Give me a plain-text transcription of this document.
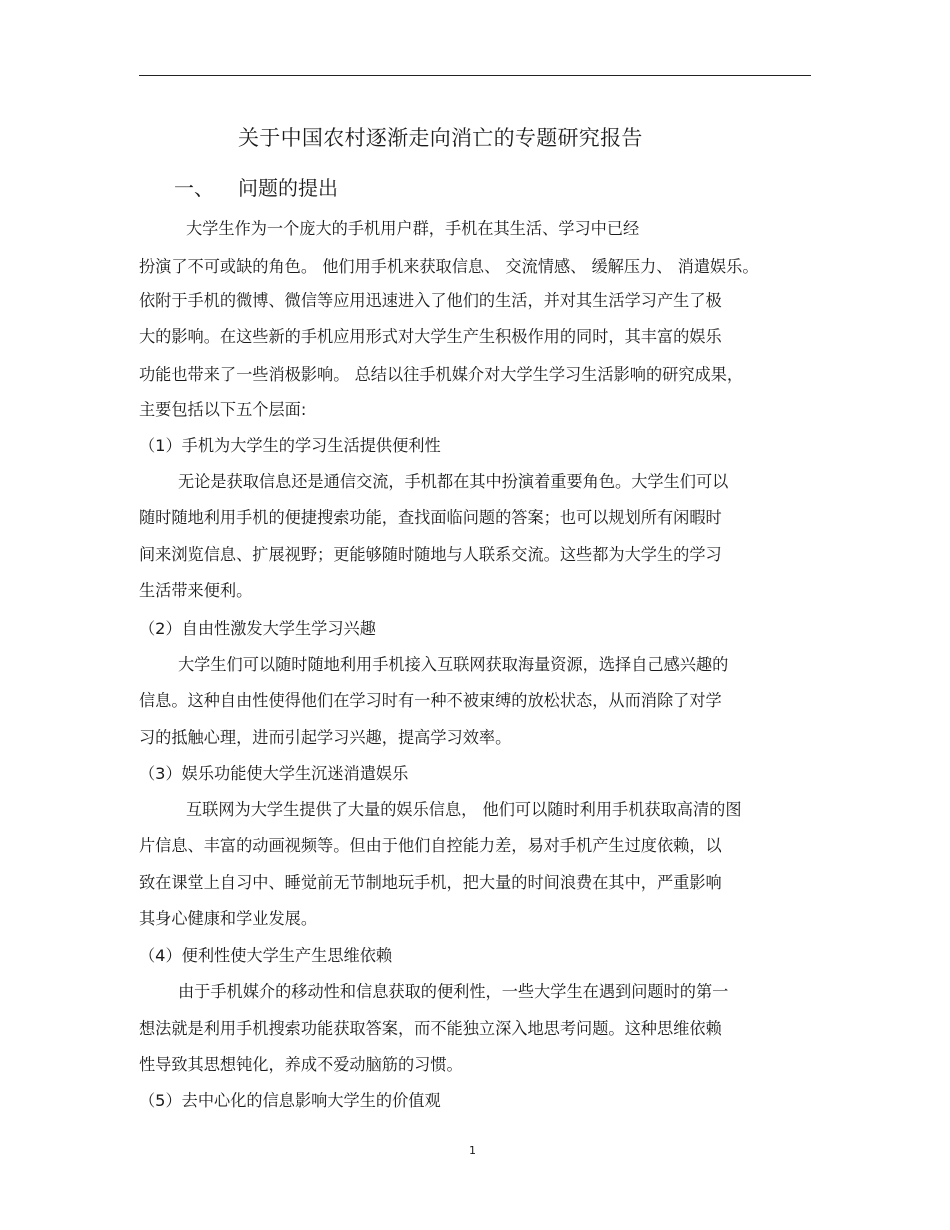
关于中国农村逐渐走向消亡的专题研究报告
一、 问题的提出
大学生作为一个庞大的手机用户群，手机在其生活、学习中已经
扮演了不可或缺的角色。 他们用手机来获取信息、 交流情感、 缓解压力、 消遣娱乐。
依附于手机的微博、微信等应用迅速进入了他们的生活，并对其生活学习产生了极
大的影响。在这些新的手机应用形式对大学生产生积极作用的同时，其丰富的娱乐
功能也带来了一些消极影响。 总结以往手机媒介对大学生学习生活影响的研究成果，
主要包括以下五个层面:
（1）手机为大学生的学习生活提供便利性
无论是获取信息还是通信交流，手机都在其中扮演着重要角色。大学生们可以
随时随地利用手机的便捷搜索功能，查找面临问题的答案；也可以规划所有闲暇时
间来浏览信息、扩展视野；更能够随时随地与人联系交流。这些都为大学生的学习
生活带来便利。
（2）自由性激发大学生学习兴趣
大学生们可以随时随地利用手机接入互联网获取海量资源，选择自己感兴趣的
信息。这种自由性使得他们在学习时有一种不被束缚的放松状态，从而消除了对学
习的抵触心理，进而引起学习兴趣，提高学习效率。
（3）娱乐功能使大学生沉迷消遣娱乐
互联网为大学生提供了大量的娱乐信息， 他们可以随时利用手机获取高清的图
片信息、丰富的动画视频等。但由于他们自控能力差，易对手机产生过度依赖，以
致在课堂上自习中、睡觉前无节制地玩手机，把大量的时间浪费在其中，严重影响
其身心健康和学业发展。
（4）便利性使大学生产生思维依赖
由于手机媒介的移动性和信息获取的便利性，一些大学生在遇到问题时的第一
想法就是利用手机搜索功能获取答案，而不能独立深入地思考问题。这种思维依赖
性导致其思想钝化，养成不爱动脑筋的习惯。
（5）去中心化的信息影响大学生的价值观
1
